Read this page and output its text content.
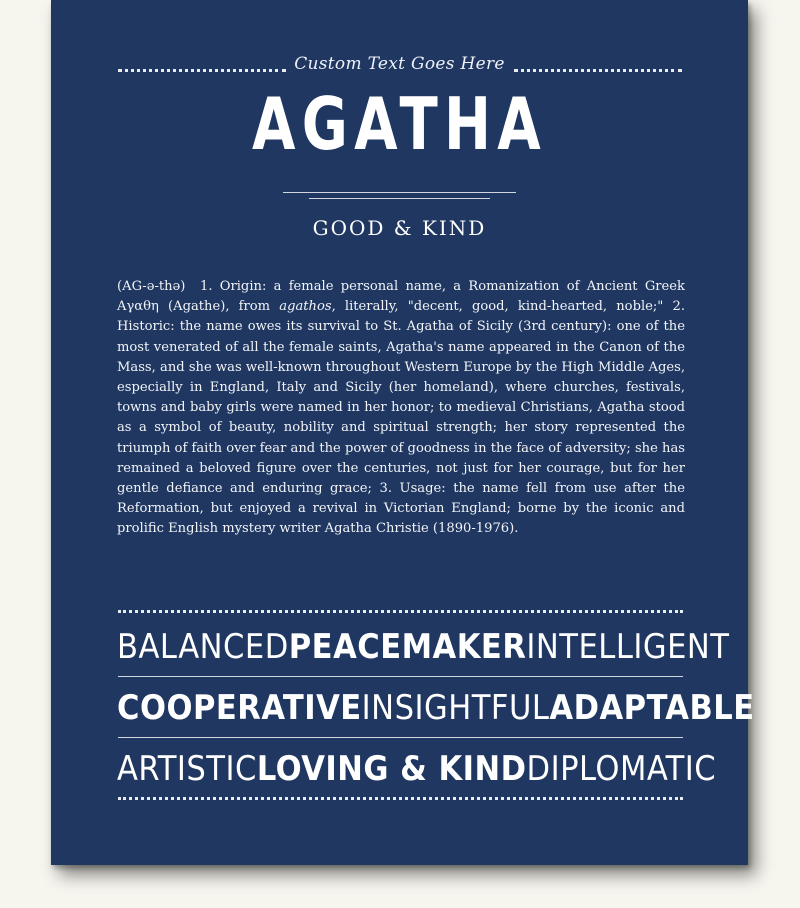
Custom Text Goes Here
AGATHA
GOOD & KIND
(AG-ə-thə) 1. Origin: a female personal name, a Romanization of Ancient Greek Αγαθη (Agathe), from agathos, literally, "decent, good, kind-hearted, noble;" 2. Historic: the name owes its survival to St. Agatha of Sicily (3rd century): one of the most venerated of all the female saints, Agatha's name appeared in the Canon of the Mass, and she was well-known throughout Western Europe by the High Middle Ages, especially in England, Italy and Sicily (her homeland), where churches, festivals, towns and baby girls were named in her honor; to medieval Christians, Agatha stood as a symbol of beauty, nobility and spiritual strength; her story represented the triumph of faith over fear and the power of goodness in the face of adversity; she has remained a beloved figure over the centuries, not just for her courage, but for her gentle defiance and enduring grace; 3. Usage: the name fell from use after the Reformation, but enjoyed a revival in Victorian England; borne by the iconic and prolific English mystery writer Agatha Christie (1890-1976).
BALANCED PEACEMAKER INTELLIGENT
COOPERATIVE INSIGHTFUL ADAPTABLE
ARTISTIC LOVING & KIND DIPLOMATIC
